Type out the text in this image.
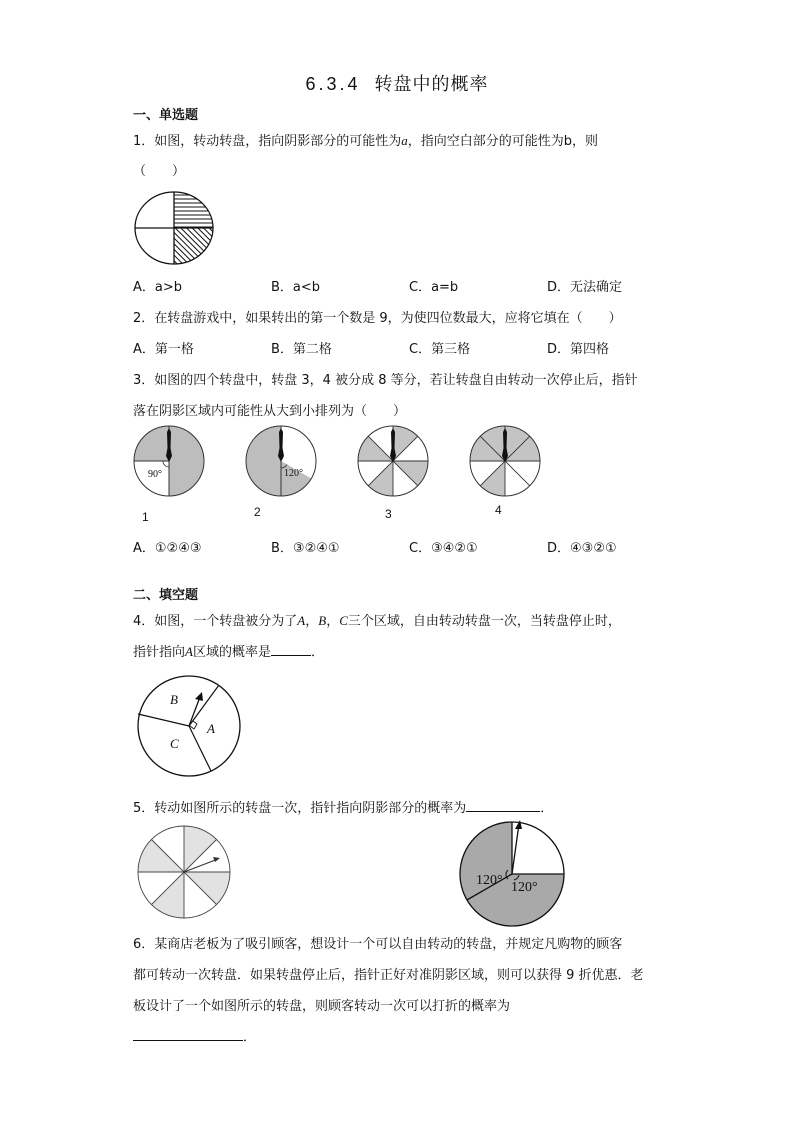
6.3.4 转盘中的概率
一、单选题
1．如图，转动转盘，指向阴影部分的可能性为a，指向空白部分的可能性为b，则
（　　）
A．a>b	B．a<b	C．a=b	D．无法确定
2．在转盘游戏中，如果转出的第一个数是 9，为使四位数最大，应将它填在（　　）
A．第一格	B．第二格	C．第三格	D．第四格
3．如图的四个转盘中，转盘 3，4 被分成 8 等分，若让转盘自由转动一次停止后，指针
落在阴影区域内可能性从大到小排列为（　　）
90°	120°
1	2	3	4
A．①②④③	B．③②④①	C．③④②①	D．④③②①
二、填空题
4．如图，一个转盘被分为了A，B，C三个区域，自由转动转盘一次，当转盘停止时，
指针指向A区域的概率是	．
B
A
C
5．转动如图所示的转盘一次，指针指向阴影部分的概率为	．
120° 120°
6．某商店老板为了吸引顾客，想设计一个可以自由转动的转盘，并规定凡购物的顾客
都可转动一次转盘．如果转盘停止后，指针正好对准阴影区域，则可以获得 9 折优惠．老
板设计了一个如图所示的转盘，则顾客转动一次可以打折的概率为
．
